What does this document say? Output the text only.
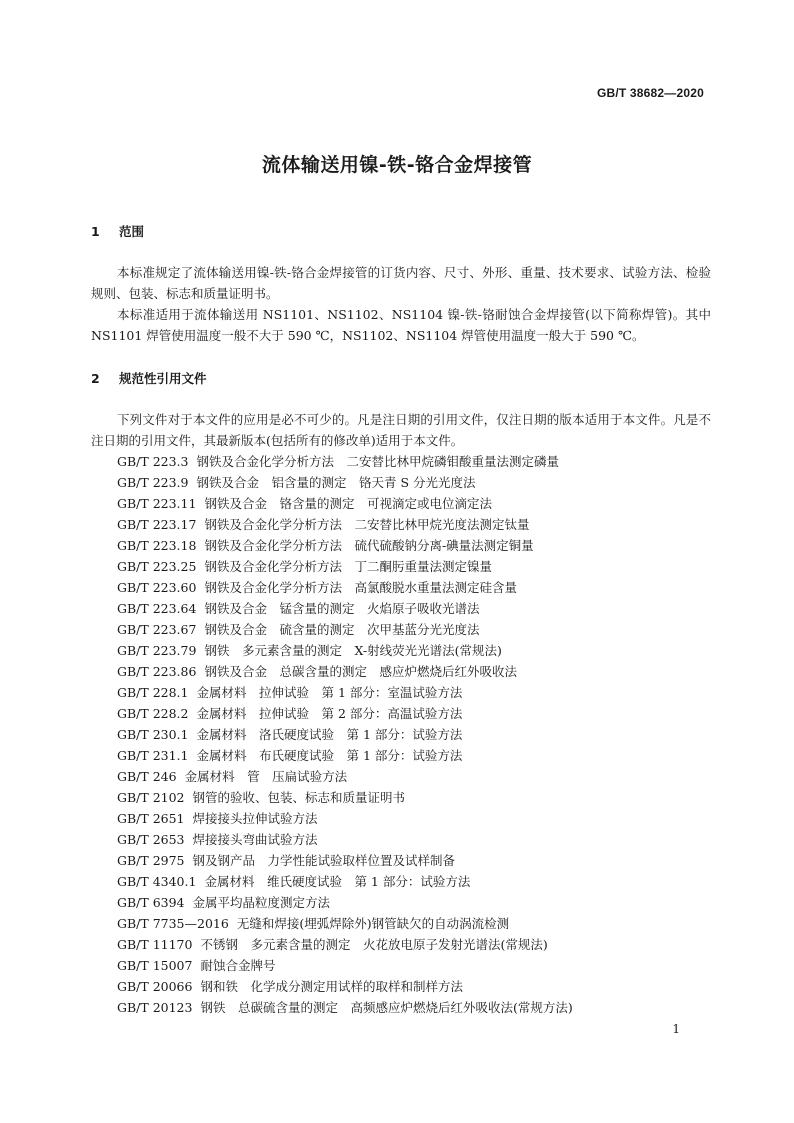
GB/T 38682—2020
流体输送用镍-铁-铬合金焊接管
1 范围

本标准规定了流体输送用镍-铁-铬合金焊接管的订货内容、尺寸、外形、重量、技术要求、试验方法、检验规则、包装、标志和质量证明书。

本标准适用于流体输送用 NS1101、NS1102、NS1104 镍-铁-铬耐蚀合金焊接管(以下简称焊管)。其中 NS1101 焊管使用温度一般不大于 590 ℃，NS1102、NS1104 焊管使用温度一般大于 590 ℃。

2 规范性引用文件

下列文件对于本文件的应用是必不可少的。凡是注日期的引用文件，仅注日期的版本适用于本文件。凡是不注日期的引用文件，其最新版本(包括所有的修改单)适用于本文件。

GB/T 223.3 钢铁及合金化学分析方法　二安替比林甲烷磷钼酸重量法测定磷量
GB/T 223.9 钢铁及合金　铝含量的测定　铬天青 S 分光光度法
GB/T 223.11 钢铁及合金　铬含量的测定　可视滴定或电位滴定法
GB/T 223.17 钢铁及合金化学分析方法　二安替比林甲烷光度法测定钛量
GB/T 223.18 钢铁及合金化学分析方法　硫代硫酸钠分离-碘量法测定铜量
GB/T 223.25 钢铁及合金化学分析方法　丁二酮肟重量法测定镍量
GB/T 223.60 钢铁及合金化学分析方法　高氯酸脱水重量法测定硅含量
GB/T 223.64 钢铁及合金　锰含量的测定　火焰原子吸收光谱法
GB/T 223.67 钢铁及合金　硫含量的测定　次甲基蓝分光光度法
GB/T 223.79 钢铁　多元素含量的测定　X-射线荧光光谱法(常规法)
GB/T 223.86 钢铁及合金　总碳含量的测定　感应炉燃烧后红外吸收法
GB/T 228.1 金属材料　拉伸试验　第 1 部分：室温试验方法
GB/T 228.2 金属材料　拉伸试验　第 2 部分：高温试验方法
GB/T 230.1 金属材料　洛氏硬度试验　第 1 部分：试验方法
GB/T 231.1 金属材料　布氏硬度试验　第 1 部分：试验方法
GB/T 246 金属材料　管　压扁试验方法
GB/T 2102 钢管的验收、包装、标志和质量证明书
GB/T 2651 焊接接头拉伸试验方法
GB/T 2653 焊接接头弯曲试验方法
GB/T 2975 钢及钢产品　力学性能试验取样位置及试样制备
GB/T 4340.1 金属材料　维氏硬度试验　第 1 部分：试验方法
GB/T 6394 金属平均晶粒度测定方法
GB/T 7735—2016 无缝和焊接(埋弧焊除外)钢管缺欠的自动涡流检测
GB/T 11170 不锈钢　多元素含量的测定　火花放电原子发射光谱法(常规法)
GB/T 15007 耐蚀合金牌号
GB/T 20066 钢和铁　化学成分测定用试样的取样和制样方法
GB/T 20123 钢铁　总碳硫含量的测定　高频感应炉燃烧后红外吸收法(常规方法)
1
